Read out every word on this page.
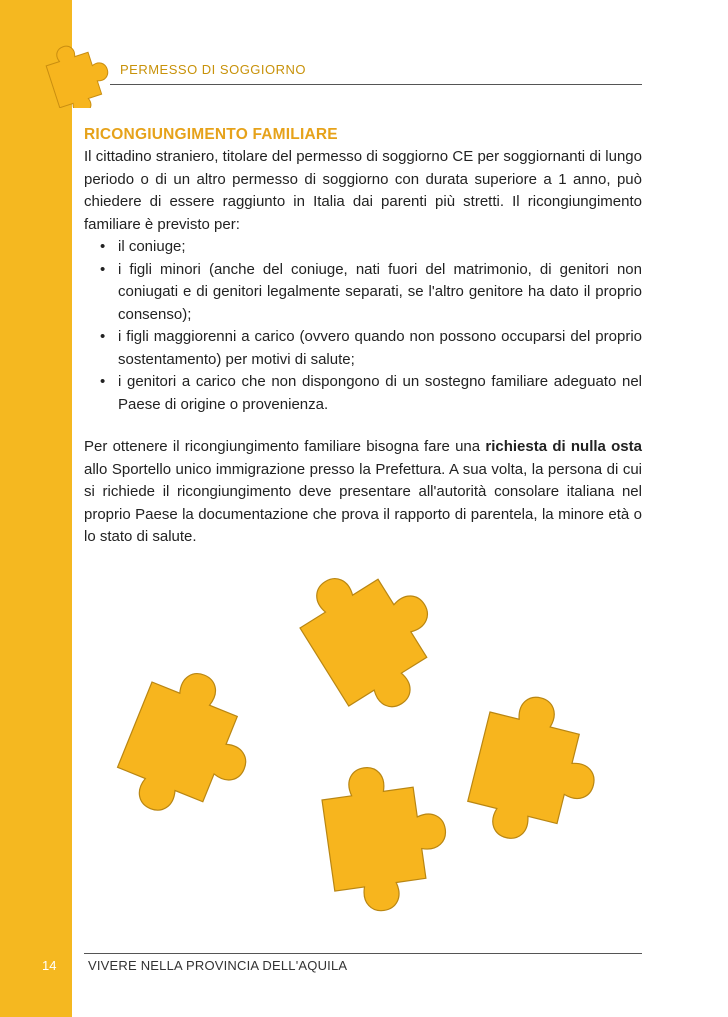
PERMESSO DI SOGGIORNO
RICONGIUNGIMENTO FAMILIARE

Il cittadino straniero, titolare del permesso di soggiorno CE per soggiornanti di lungo periodo o di un altro permesso di soggiorno con durata superiore a 1 anno, può chiedere di essere raggiunto in Italia dai parenti più stretti. Il ricongiungimento familiare è previsto per:

• il coniuge;
• i figli minori (anche del coniuge, nati fuori del matrimonio, di genitori non coniugati e di genitori legalmente separati, se l'altro genitore ha dato il proprio consenso);
• i figli maggiorenni a carico (ovvero quando non possono occuparsi del proprio sostentamento) per motivi di salute;
• i genitori a carico che non dispongono di un sostegno familiare adeguato nel Paese di origine o provenienza.

Per ottenere il ricongiungimento familiare bisogna fare una richiesta di nulla osta allo Sportello unico immigrazione presso la Prefettura. A sua volta, la persona di cui si richiede il ricongiungimento deve presentare all'autorità consolare italiana nel proprio Paese la documentazione che prova il rapporto di parentela, la minore età o lo stato di salute.

14 VIVERE NELLA PROVINCIA DELL'AQUILA
